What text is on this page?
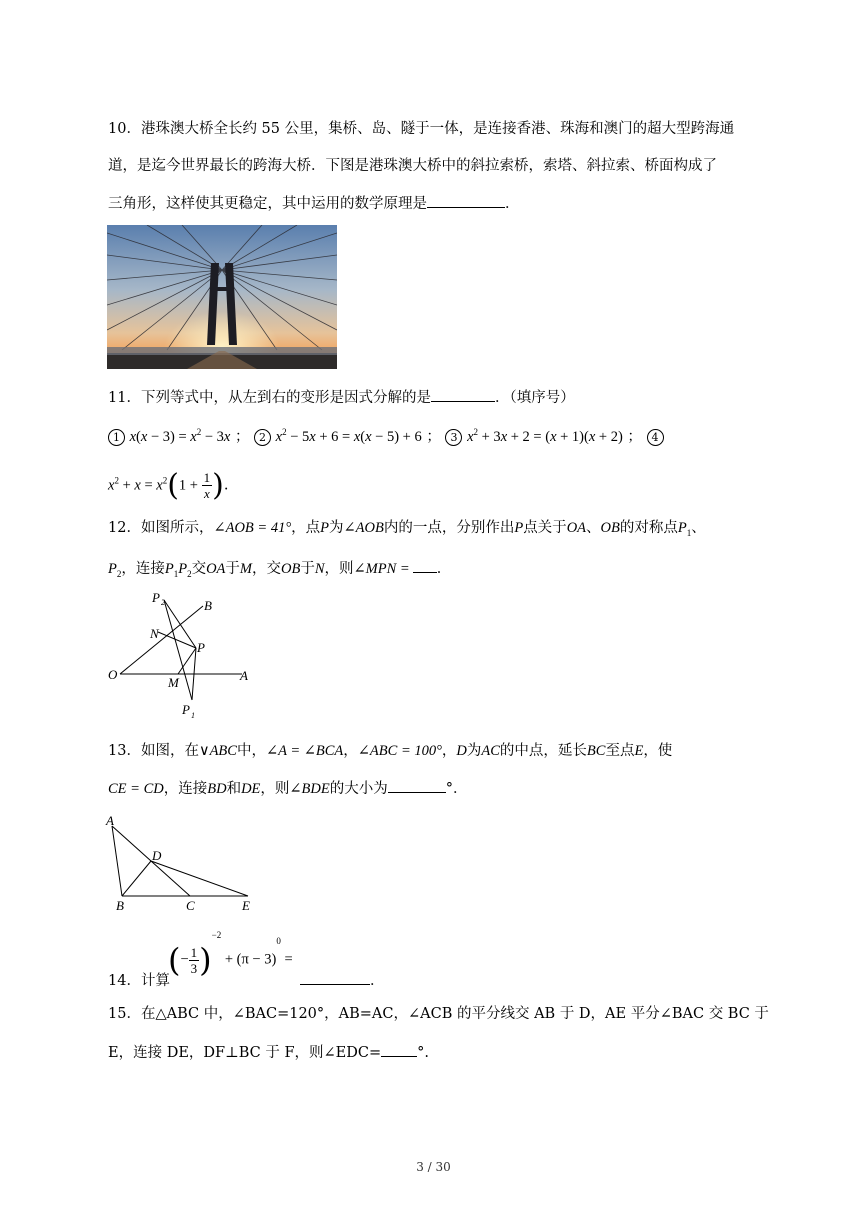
10．港珠澳大桥全长约 55 公里，集桥、岛、隧于一体，是连接香港、珠海和澳门的超大型跨海通
道，是迄今世界最长的跨海大桥．下图是港珠澳大桥中的斜拉索桥，索塔、斜拉索、桥面构成了
三角形，这样使其更稳定，其中运用的数学原理是	．
11．下列等式中，从左到右的变形是因式分解的是	．（填序号）
1 $x(x - 3) = x^2 - 3x$ ； 2 $x^2 - 5x + 6 = x(x - 5) + 6$ ； 3 $x^2 + 3x + 2 = (x + 1)(x + 2)$ ； 4
$x^2 + x = x^2(1 + \frac{1}{x}$ ).
12．如图所示，∠AOB = 41°，点P为∠AOB内的一点，分别作出P点关于OA、OB的对称点$P_1$、
$P_2$，连接$P_1P_2$交OA于M，交OB于N，则∠MPN = ．
P 2	B
N
P
O
M	A
P 1
13．如图，在∨ABC中，∠A = ∠BCA，∠ABC = 100°，D为AC的中点，延长BC至点E，使
CE = CD，连接BD和DE，则∠BDE的大小为	°．
A
D
B	C	E
(− $\frac{1}{3} )^{-2} + (\pi - 3)^0$ =
14．计算	．
15．在△ABC 中，∠BAC=120°，AB=AC，∠ACB 的平分线交 AB 于 D，AE 平分∠BAC 交 BC 于
E，连接 DE，DF⊥BC 于 F，则∠EDC= °.
3 / 30
